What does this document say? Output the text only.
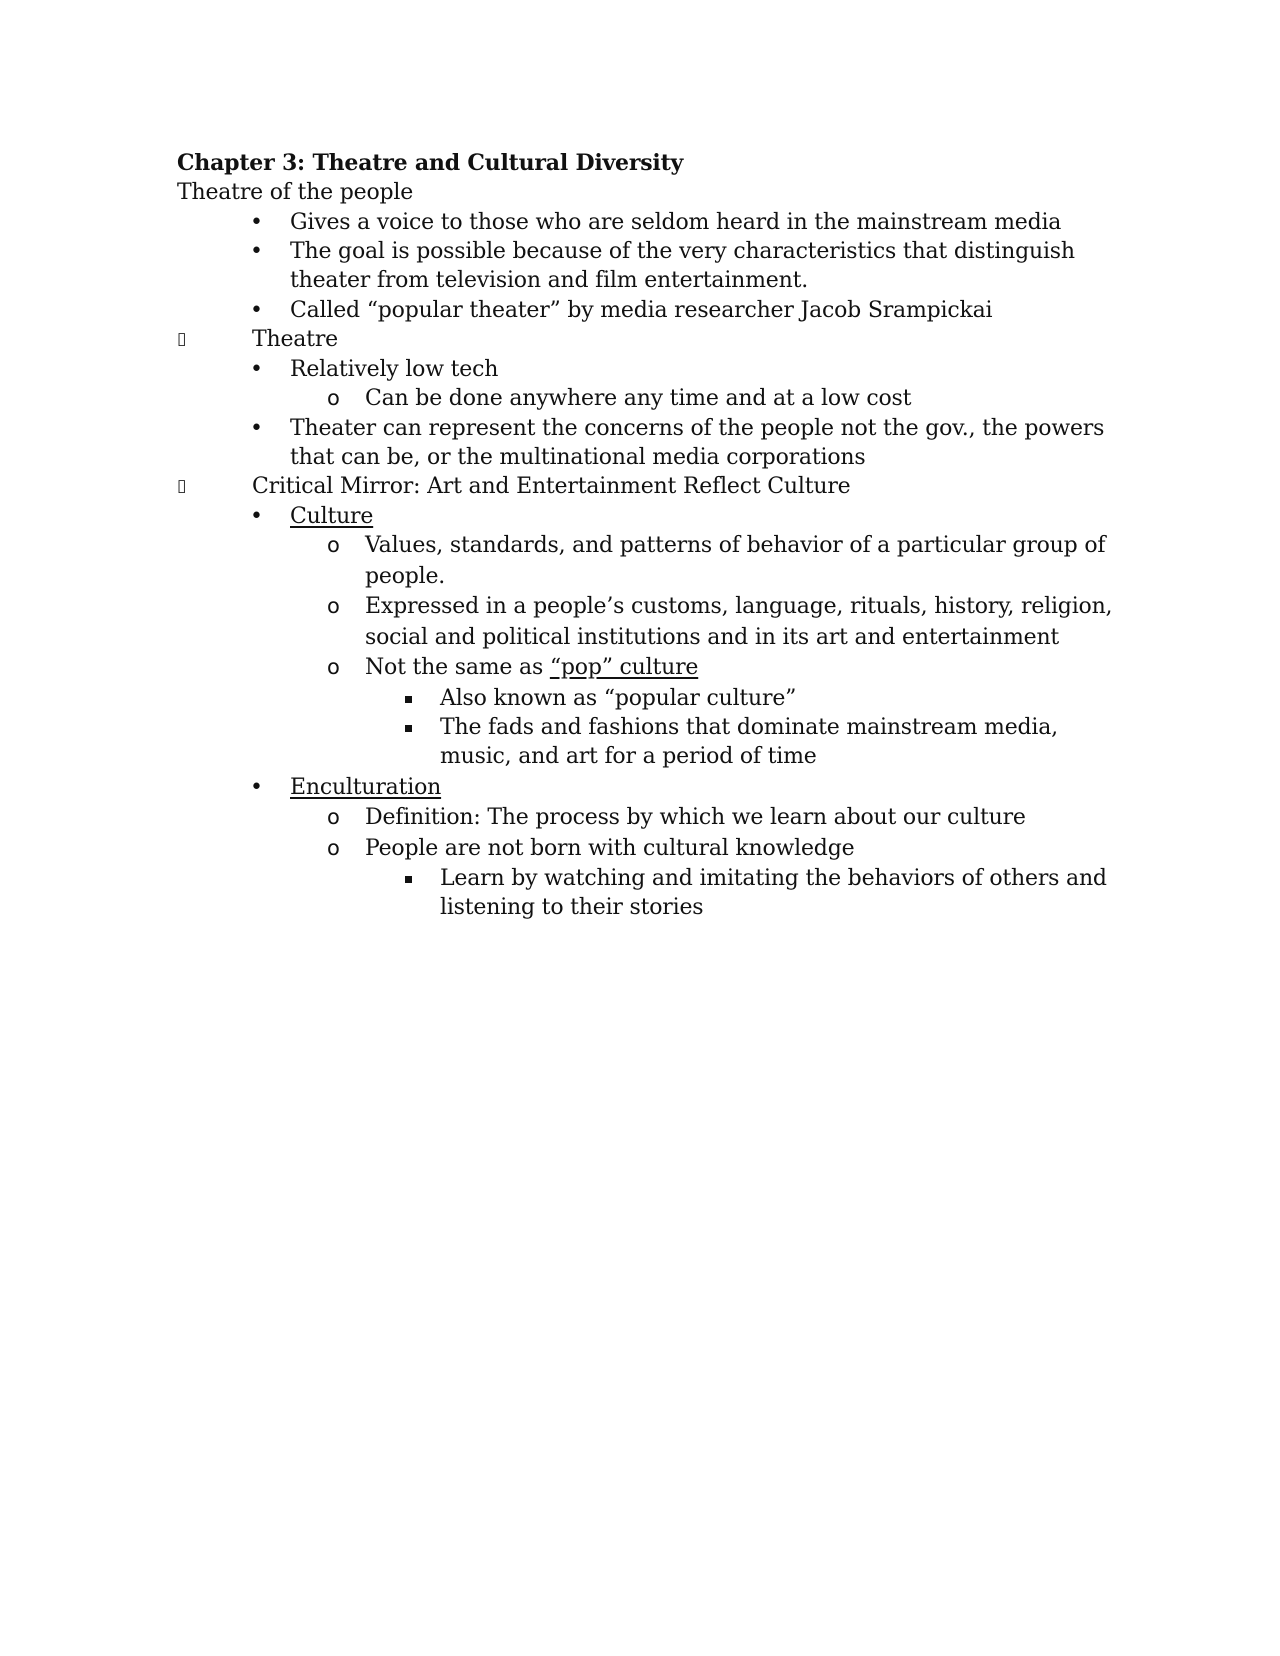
Chapter 3: Theatre and Cultural Diversity
Theatre of the people
• Gives a voice to those who are seldom heard in the mainstream media
• The goal is possible because of the very characteristics that distinguish
theater from television and film entertainment.
• Called “popular theater” by media researcher Jacob Srampickai
▯	Theatre
• Relatively low tech
o Can be done anywhere any time and at a low cost
• Theater can represent the concerns of the people not the gov., the powers
that can be, or the multinational media corporations
▯	Critical Mirror: Art and Entertainment Reflect Culture
• Culture
o Values, standards, and patterns of behavior of a particular group of
people.
o Expressed in a people’s customs, language, rituals, history, religion,
social and political institutions and in its art and entertainment
o Not the same as “pop” culture
Also known as “popular culture”
The fads and fashions that dominate mainstream media,
music, and art for a period of time
• Enculturation
o Definition: The process by which we learn about our culture
o People are not born with cultural knowledge
Learn by watching and imitating the behaviors of others and
listening to their stories
